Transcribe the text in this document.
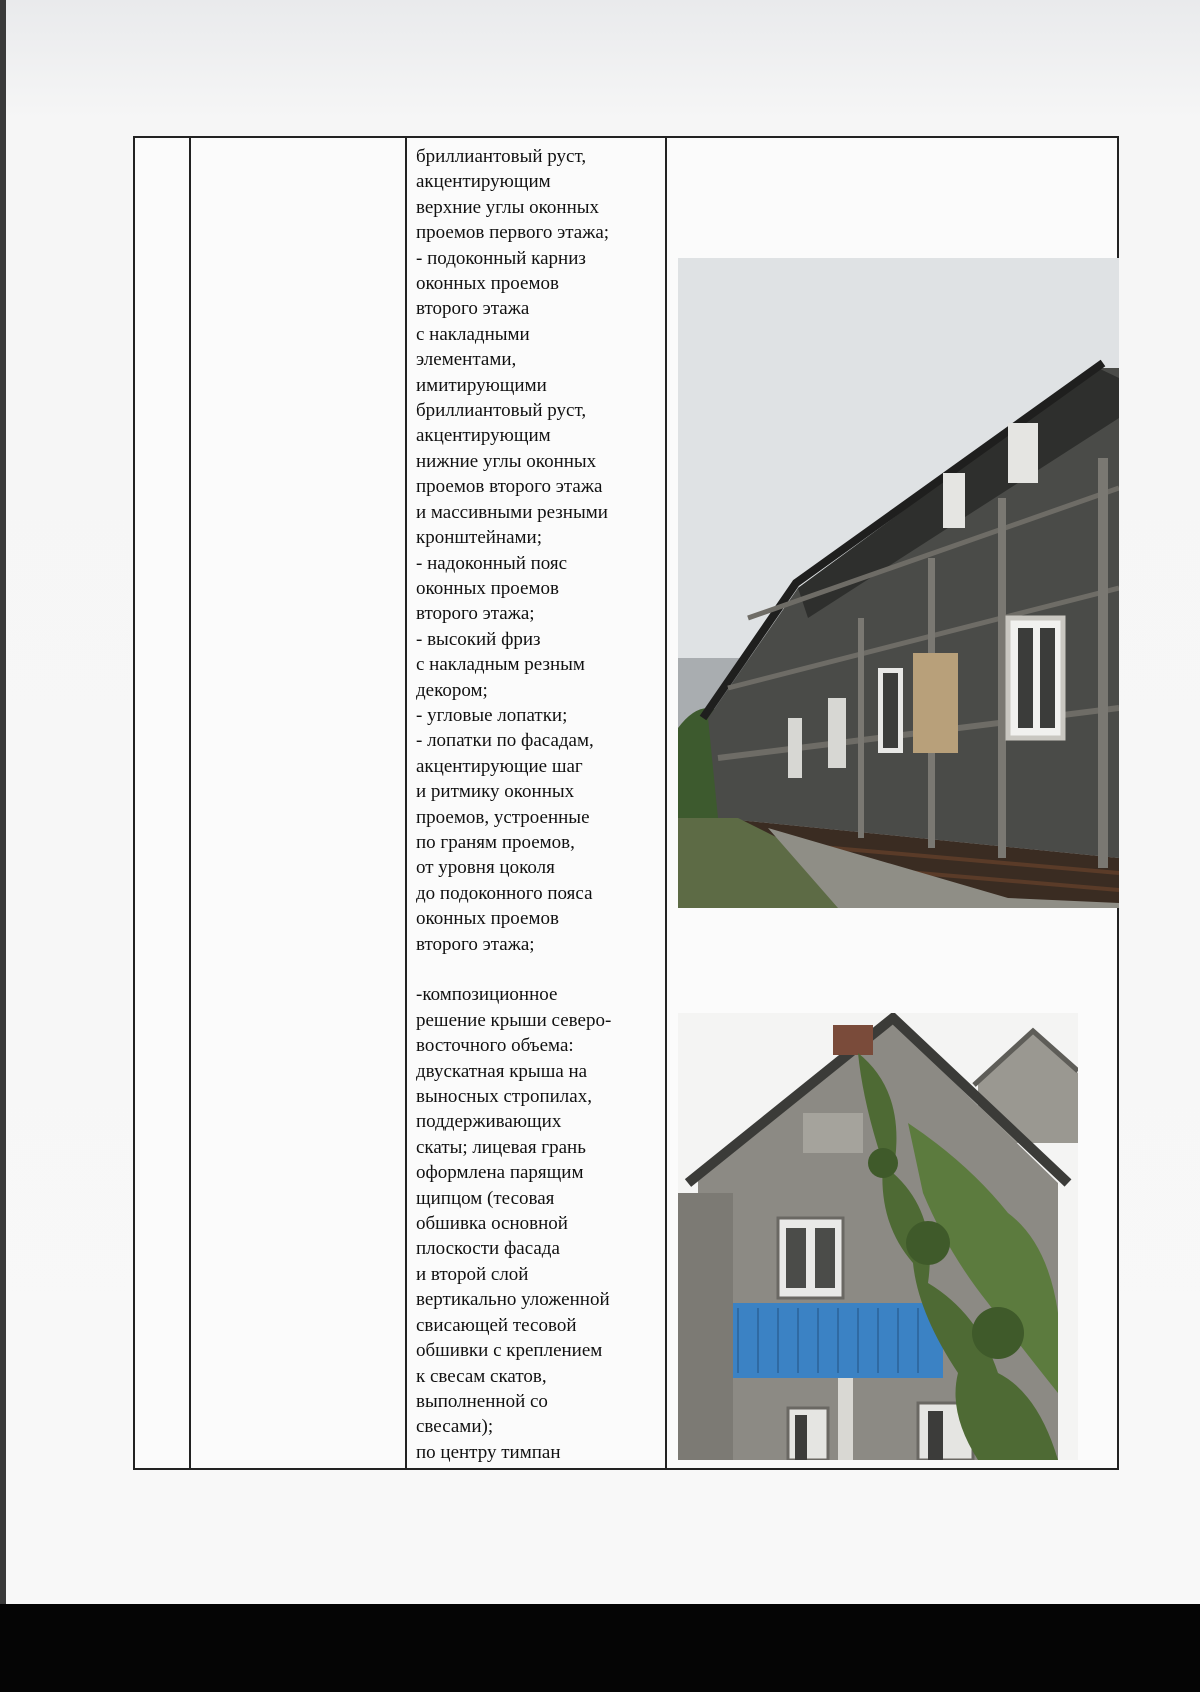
бриллиантовый руст,
акцентирующим
верхние углы оконных
проемов первого этажа;
- подоконный карниз
оконных проемов
второго этажа
с накладными
элементами,
имитирующими
бриллиантовый руст,
акцентирующим
нижние углы оконных
проемов второго этажа
и массивными резными
кронштейнами;
- надоконный пояс
оконных проемов
второго этажа;
- высокий фриз
с накладным резным
декором;
- угловые лопатки;
- лопатки по фасадам,
акцентирующие шаг
и ритмику оконных
проемов, устроенные
по граням проемов,
от уровня цоколя
до подоконного пояса
оконных проемов
второго этажа;

-композиционное
решение крыши северо-
восточного объема:
двускатная крыша на
выносных стропилах,
поддерживающих
скаты; лицевая грань
оформлена парящим
щипцом (тесовая
обшивка основной
плоскости фасада
и второй слой
вертикально уложенной
свисающей тесовой
обшивки с креплением
к свесам скатов,
выполненной со
свесами);
по центру тимпан
